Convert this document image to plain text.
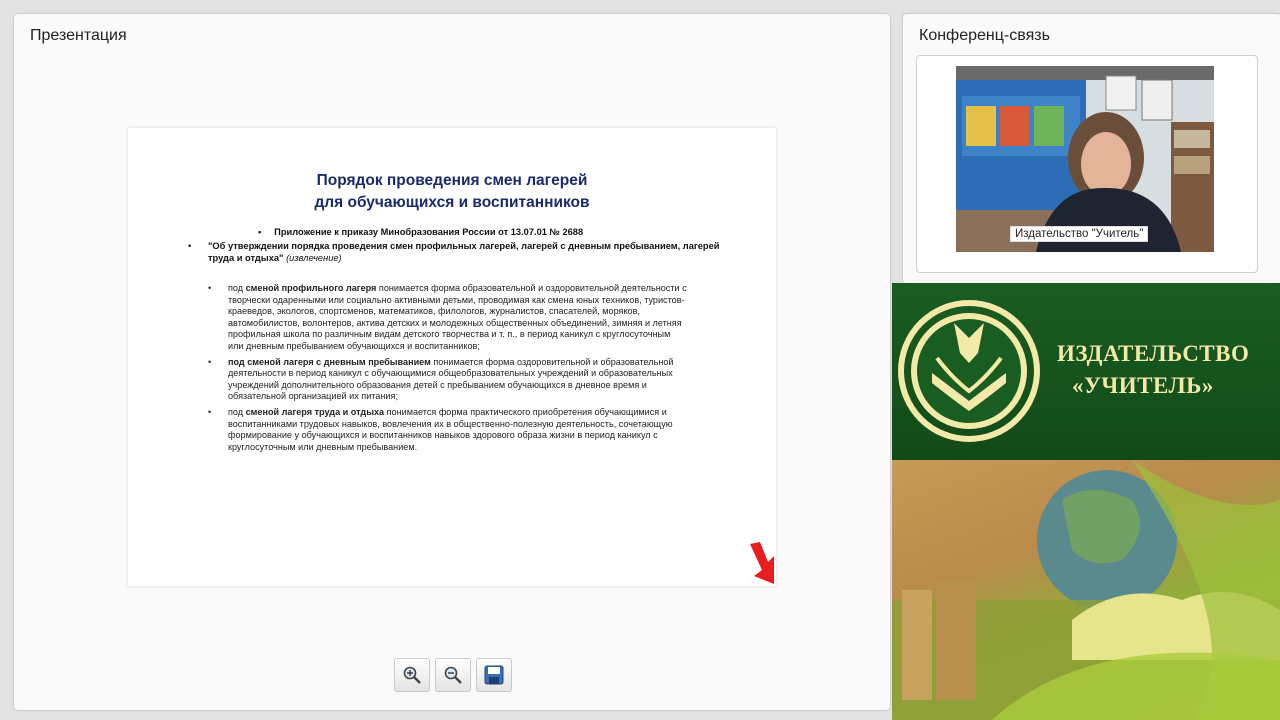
Презентация
Порядок проведения смен лагерей
для обучающихся и воспитанников
•     Приложение к приказу Минобразования России от 13.07.01 № 2688
• "Об утверждении порядка проведения смен профильных лагерей, лагерей с дневным пребыванием, лагерей труда и отдыха" (извлечение)
• под сменой профильного лагеря понимается форма образовательной и оздоровительной деятельности с творчески одаренными или социально активными детьми, проводимая как смена юных техников, туристов-краеведов, экологов, спортсменов, математиков, филологов, журналистов, спасателей, моряков, автомобилистов, волонтеров, актива детских и молодежных общественных объединений, зимняя и летняя профильная школа по различным видам детского творчества и т. п., в период каникул с круглосуточным или дневным пребыванием обучающихся и воспитанников;
• под сменой лагеря с дневным пребыванием понимается форма оздоровительной и образовательной деятельности в период каникул с обучающимися общеобразовательных учреждений и образовательных учреждений дополнительного образования детей с пребыванием обучающихся в дневное время и обязательной организацией их питания;
• под сменой лагеря труда и отдыха понимается форма практического приобретения обучающимися и воспитанниками трудовых навыков, вовлечения их в общественно-полезную деятельность, сочетающую формирование у обучающихся и воспитанников навыков здорового образа жизни в период каникул с круглосуточным или дневным пребыванием.
Конференц-связь
Издательство "Учитель"
ИЗДАТЕЛЬСТВО
«УЧИТЕЛЬ»
